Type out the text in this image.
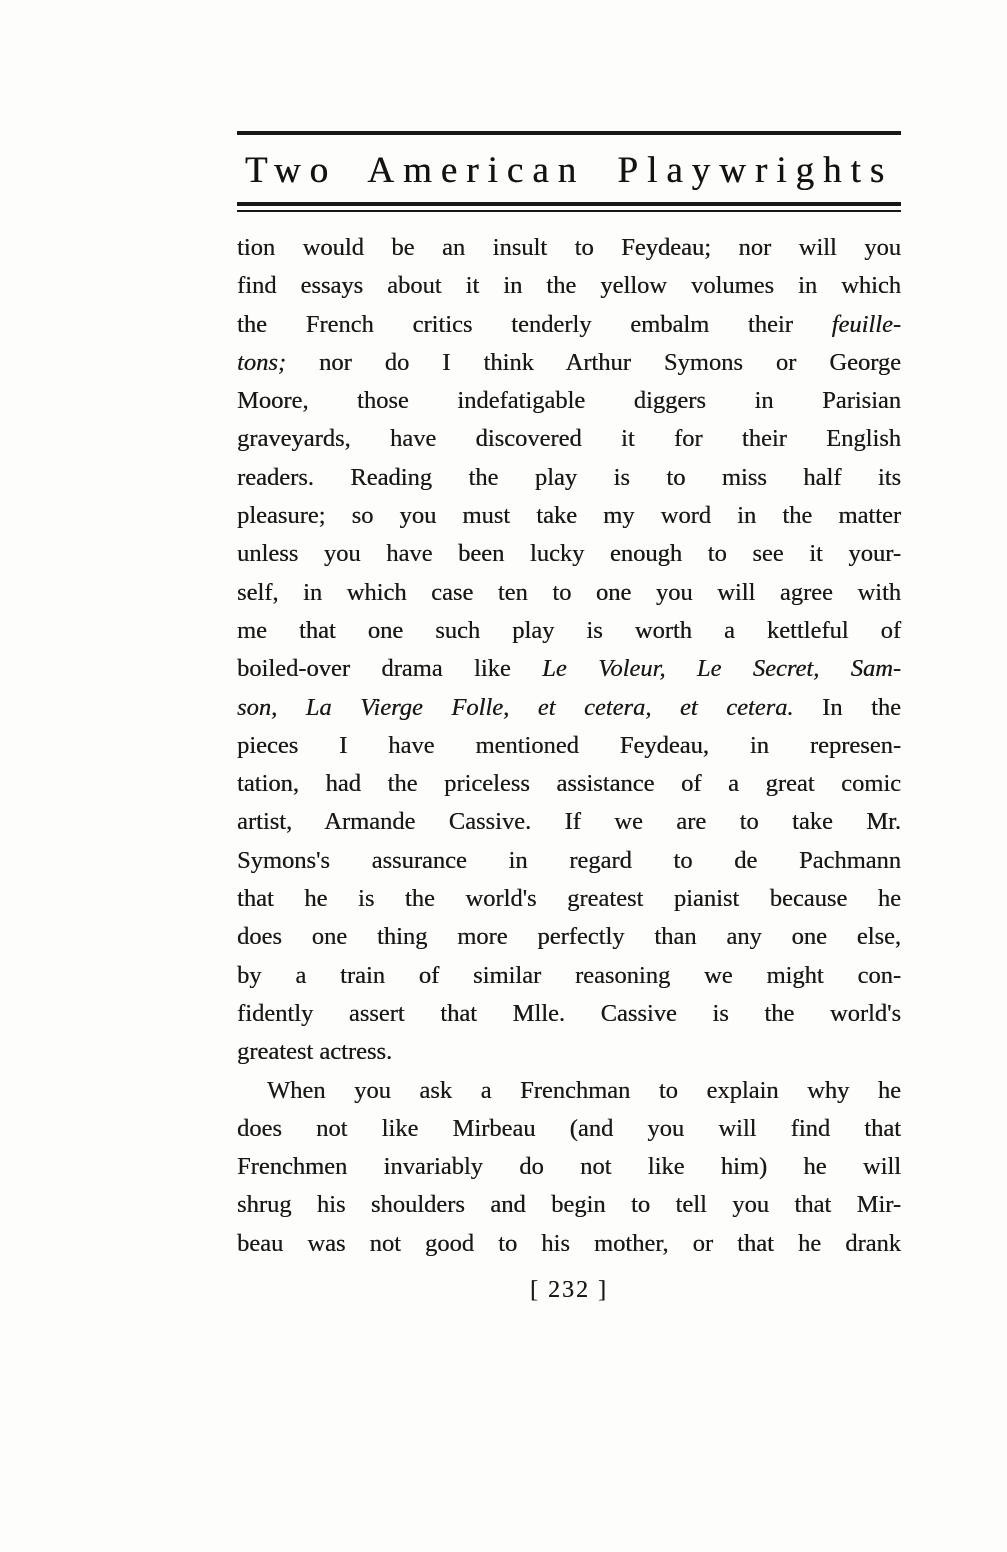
Two American Playwrights
tion would be an insult to Feydeau; nor will you
find essays about it in the yellow volumes in which
the French critics tenderly embalm their feuille-
tons; nor do I think Arthur Symons or George
Moore, those indefatigable diggers in Parisian
graveyards, have discovered it for their English
readers. Reading the play is to miss half its
pleasure; so you must take my word in the matter
unless you have been lucky enough to see it your-
self, in which case ten to one you will agree with
me that one such play is worth a kettleful of
boiled-over drama like Le Voleur, Le Secret, Sam-
son, La Vierge Folle, et cetera, et cetera. In the
pieces I have mentioned Feydeau, in represen-
tation, had the priceless assistance of a great comic
artist, Armande Cassive. If we are to take Mr.
Symons's assurance in regard to de Pachmann
that he is the world's greatest pianist because he
does one thing more perfectly than any one else,
by a train of similar reasoning we might con-
fidently assert that Mlle. Cassive is the world's
greatest actress.
When you ask a Frenchman to explain why he
does not like Mirbeau (and you will find that
Frenchmen invariably do not like him) he will
shrug his shoulders and begin to tell you that Mir-
beau was not good to his mother, or that he drank
[ 232 ]
